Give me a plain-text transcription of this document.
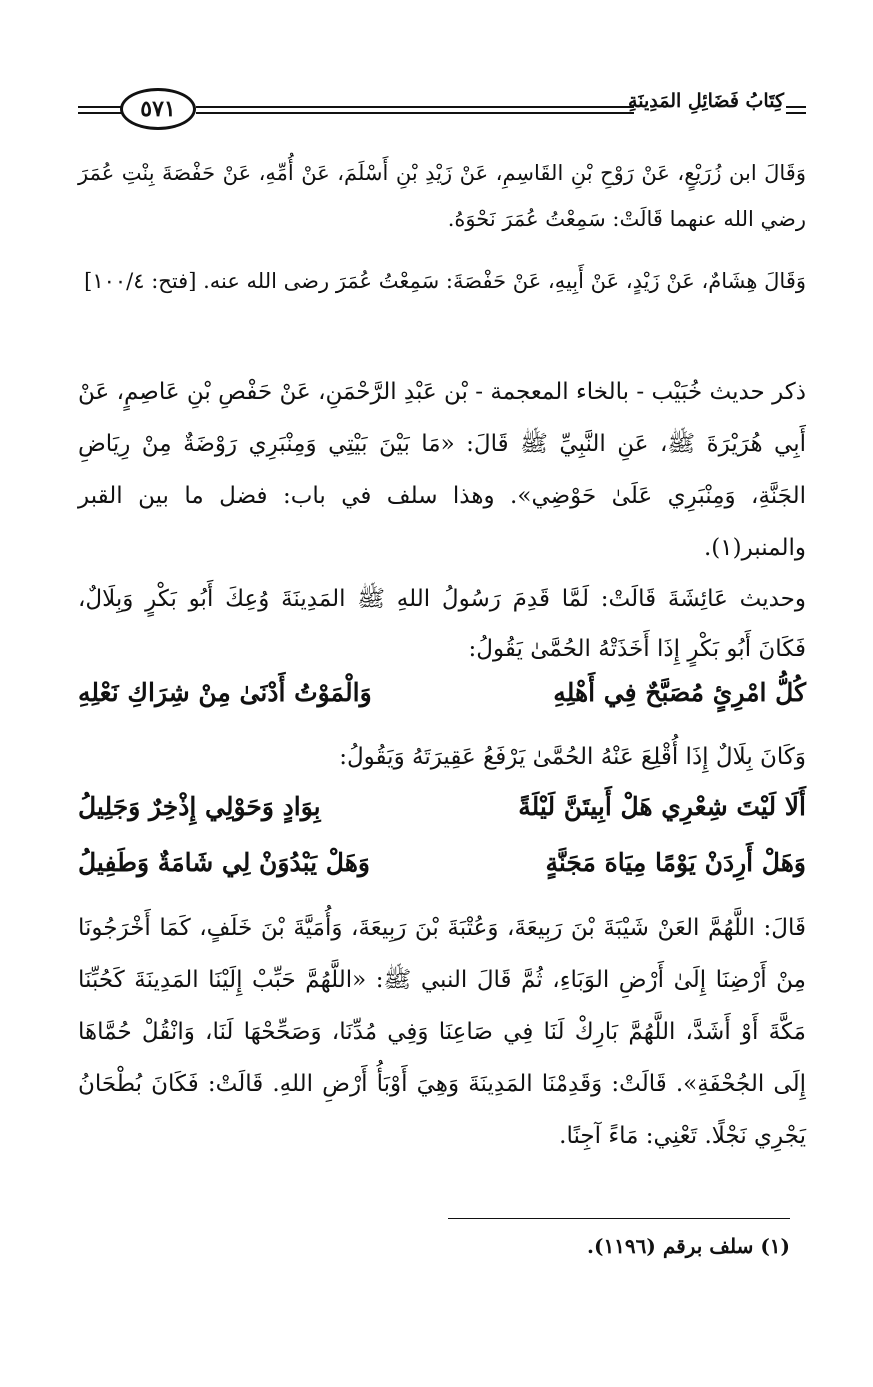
٥٧١	كِتَابُ فَضَائِلِ المَدِينَةِ
وَقَالَ ابن زُرَيْعٍ، عَنْ رَوْحِ بْنِ القَاسِمِ، عَنْ زَيْدِ بْنِ أَسْلَمَ، عَنْ أُمِّهِ، عَنْ حَفْصَةَ بِنْتِ عُمَرَ رضي الله عنهما قَالَتْ: سَمِعْتُ عُمَرَ نَحْوَهُ.
وَقَالَ هِشَامٌ، عَنْ زَيْدٍ، عَنْ أَبِيهِ، عَنْ حَفْصَةَ: سَمِعْتُ عُمَرَ رضى الله عنه. [فتح: ١٠٠/٤]
ذكر حديث خُبَيْب - بالخاء المعجمة - بْن عَبْدِ الرَّحْمَنِ، عَنْ حَفْصِ بْنِ عَاصِمٍ، عَنْ أَبِي هُرَيْرَةَ ﷺ، عَنِ النَّبِيِّ ﷺ قَالَ: «مَا بَيْنَ بَيْتِي وَمِنْبَرِي رَوْضَةٌ مِنْ رِيَاضِ الجَنَّةِ، وَمِنْبَرِي عَلَىٰ حَوْضِي». وهذا سلف في باب: فضل ما بين القبر والمنبر(١).
وحديث عَائِشَةَ قَالَتْ: لَمَّا قَدِمَ رَسُولُ اللهِ ﷺ المَدِينَةَ وُعِكَ أَبُو بَكْرٍ وَبِلَالٌ، فَكَانَ أَبُو بَكْرٍ إِذَا أَخَذَتْهُ الحُمَّىٰ يَقُولُ:
كُلُّ امْرِئٍ مُصَبَّحٌ فِي أَهْلِهِ
وَالْمَوْتُ أَدْنَىٰ مِنْ شِرَاكِ نَعْلِهِ
وَكَانَ بِلَالٌ إِذَا أُقْلِعَ عَنْهُ الحُمَّىٰ يَرْفَعُ عَقِيرَتَهُ وَيَقُولُ:
أَلَا لَيْتَ شِعْرِي هَلْ أَبِيتَنَّ لَيْلَةً
بِوَادٍ وَحَوْلِي إِذْخِرٌ وَجَلِيلُ
وَهَلْ أَرِدَنْ يَوْمًا مِيَاهَ مَجَنَّةٍ
وَهَلْ يَبْدُوَنْ لِي شَامَةٌ وَطَفِيلُ
قَالَ: اللَّهُمَّ العَنْ شَيْبَةَ بْنَ رَبِيعَةَ، وَعُتْبَةَ بْنَ رَبِيعَةَ، وَأُمَيَّةَ بْنَ خَلَفٍ، كَمَا أَخْرَجُونَا مِنْ أَرْضِنَا إِلَىٰ أَرْضِ الوَبَاءِ، ثُمَّ قَالَ النبي ﷺ: «اللَّهُمَّ حَبِّبْ إِلَيْنَا المَدِينَةَ كَحُبِّنَا مَكَّةَ أَوْ أَشَدَّ، اللَّهُمَّ بَارِكْ لَنَا فِي صَاعِنَا وَفِي مُدِّنَا، وَصَحِّحْهَا لَنَا، وَانْقُلْ حُمَّاهَا إِلَى الجُحْفَةِ». قَالَتْ: وَقَدِمْنَا المَدِينَةَ وَهِيَ أَوْبَأُ أَرْضِ اللهِ. قَالَتْ: فَكَانَ بُطْحَانُ يَجْرِي نَجْلًا. تَعْنِي: مَاءً آجِنًا.
(١) سلف برقم (١١٩٦).
